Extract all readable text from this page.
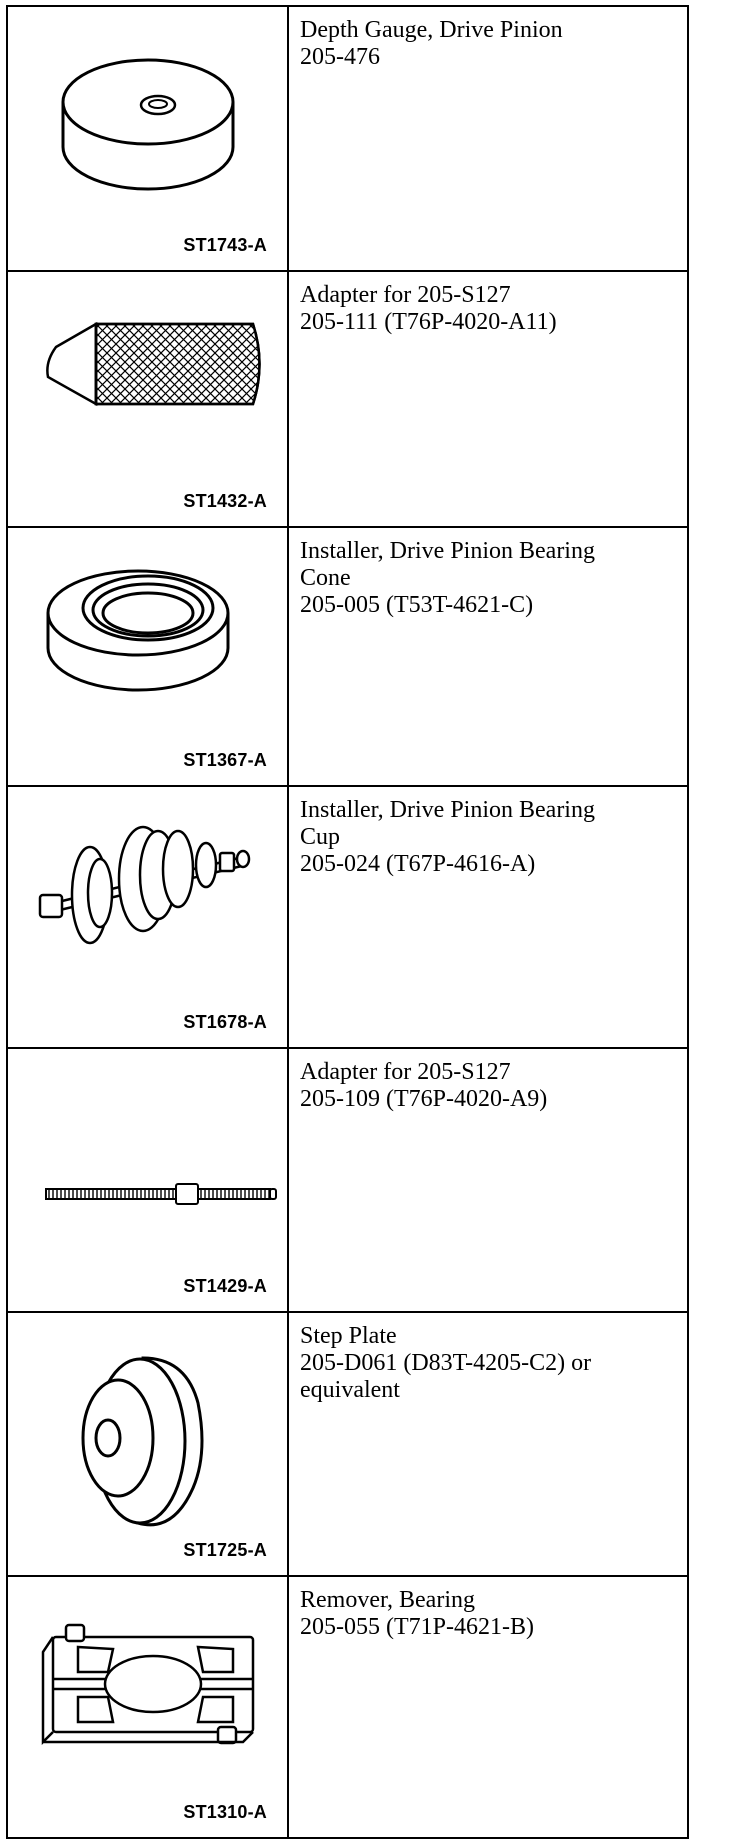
ST1743-A	Depth Gauge, Drive Pinion
205-476

ST1432-A	Adapter for 205-S127
205-111 (T76P-4020-A11)

ST1367-A	Installer, Drive Pinion Bearing
Cone
205-005 (T53T-4621-C)

ST1678-A	Installer, Drive Pinion Bearing
Cup
205-024 (T67P-4616-A)

ST1429-A	Adapter for 205-S127
205-109 (T76P-4020-A9)

ST1725-A	Step Plate
205-D061 (D83T-4205-C2) or
equivalent

ST1310-A	Remover, Bearing
205-055 (T71P-4621-B)
